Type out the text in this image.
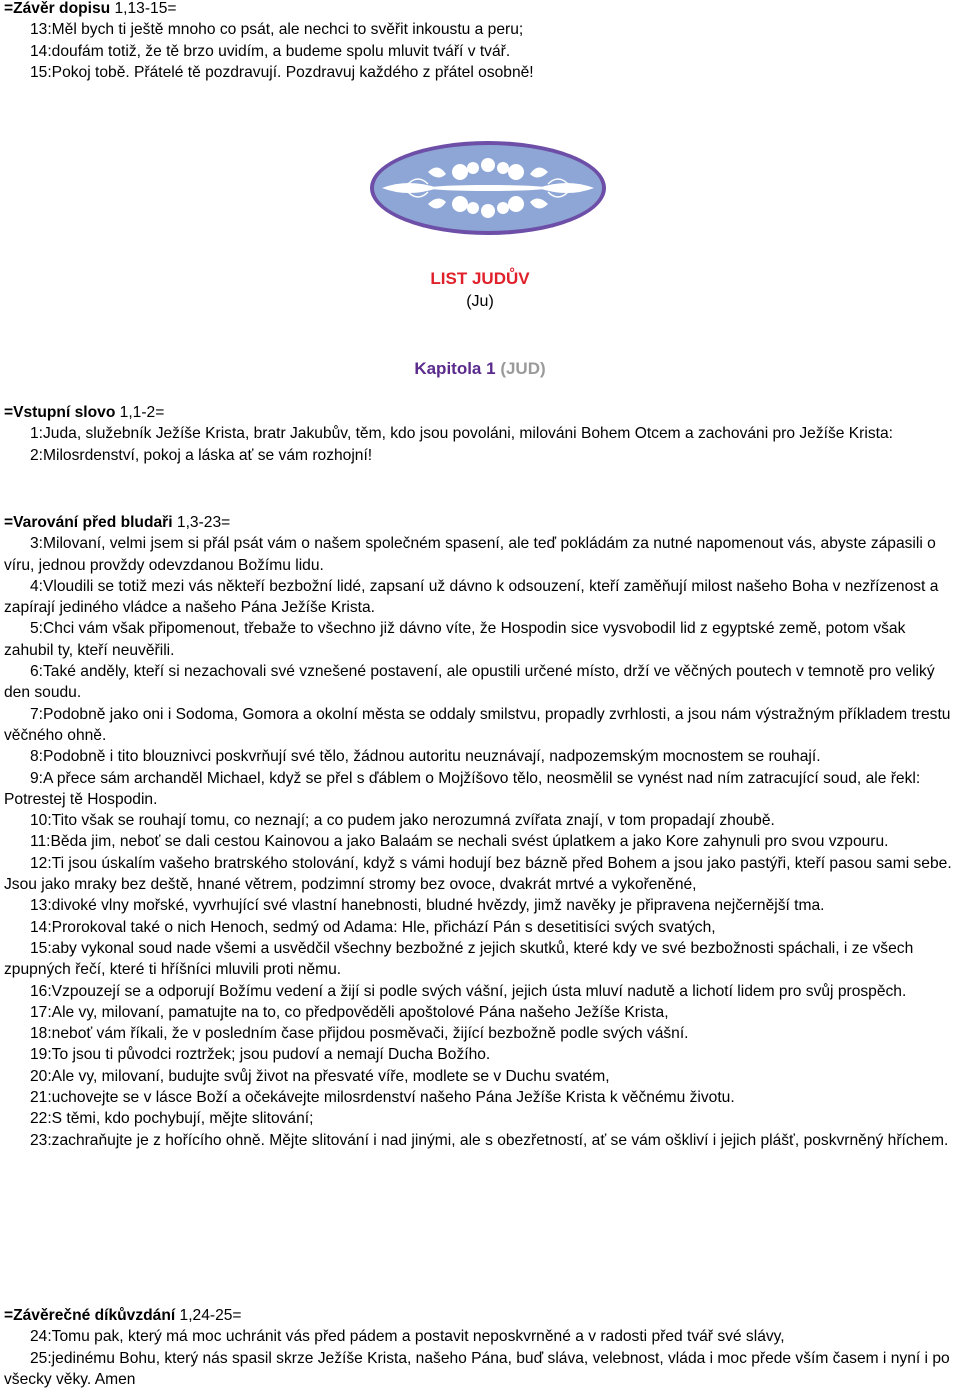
=Závěr dopisu 1,13-15=

13:Měl bych ti ještě mnoho co psát, ale nechci to svěřit inkoustu a peru;

14:doufám totiž, že tě brzo uvidím, a budeme spolu mluvit tváří v tvář.

15:Pokoj tobě. Přátelé tě pozdravují. Pozdravuj každého z přátel osobně!

LIST JUDŮV
(Ju)
Kapitola 1 (JUD)
=Vstupní slovo 1,1-2=

1:Juda, služebník Ježíše Krista, bratr Jakubův, těm, kdo jsou povoláni, milováni Bohem Otcem a zachováni pro Ježíše Krista:

2:Milosrdenství, pokoj a láska ať se vám rozhojní!

=Varování před bludaři 1,3-23=

3:Milovaní, velmi jsem si přál psát vám o našem společném spasení, ale teď pokládám za nutné napomenout vás, abyste zápasili o víru, jednou provždy odevzdanou Božímu lidu.

4:Vloudili se totiž mezi vás někteří bezbožní lidé, zapsaní už dávno k odsouzení, kteří zaměňují milost našeho Boha v nezřízenost a zapírají jediného vládce a našeho Pána Ježíše Krista.

5:Chci vám však připomenout, třebaže to všechno již dávno víte, že Hospodin sice vysvobodil lid z egyptské země, potom však zahubil ty, kteří neuvěřili.

6:Také anděly, kteří si nezachovali své vznešené postavení, ale opustili určené místo, drží ve věčných poutech v temnotě pro veliký den soudu.

7:Podobně jako oni i Sodoma, Gomora a okolní města se oddaly smilstvu, propadly zvrhlosti, a jsou nám výstražným příkladem trestu věčného ohně.

8:Podobně i tito blouznivci poskvrňují své tělo, žádnou autoritu neuznávají, nadpozemským mocnostem se rouhají.

9:A přece sám archanděl Michael, když se přel s ďáblem o Mojžíšovo tělo, neosmělil se vynést nad ním zatracující soud, ale řekl: Potrestej tě Hospodin.

10:Tito však se rouhají tomu, co neznají; a co pudem jako nerozumná zvířata znají, v tom propadají zhoubě.

11:Běda jim, neboť se dali cestou Kainovou a jako Balaám se nechali svést úplatkem a jako Kore zahynuli pro svou vzpouru.

12:Ti jsou úskalím vašeho bratrského stolování, když s vámi hodují bez bázně před Bohem a jsou jako pastýři, kteří pasou sami sebe. Jsou jako mraky bez deště, hnané větrem, podzimní stromy bez ovoce, dvakrát mrtvé a vykořeněné,

13:divoké vlny mořské, vyvrhující své vlastní hanebnosti, bludné hvězdy, jimž navěky je připravena nejčernější tma.

14:Prorokoval také o nich Henoch, sedmý od Adama: Hle, přichází Pán s desetitisíci svých svatých,

15:aby vykonal soud nade všemi a usvědčil všechny bezbožné z jejich skutků, které kdy ve své bezbožnosti spáchali, i ze všech zpupných řečí, které ti hříšníci mluvili proti němu.

16:Vzpouzejí se a odporují Božímu vedení a žijí si podle svých vášní, jejich ústa mluví nadutě a lichotí lidem pro svůj prospěch.

17:Ale vy, milovaní, pamatujte na to, co předpověděli apoštolové Pána našeho Ježíše Krista,

18:neboť vám říkali, že v posledním čase přijdou posměvači, žijící bezbožně podle svých vášní.

19:To jsou ti původci roztržek; jsou pudoví a nemají Ducha Božího.

20:Ale vy, milovaní, budujte svůj život na přesvaté víře, modlete se v Duchu svatém,

21:uchovejte se v lásce Boží a očekávejte milosrdenství našeho Pána Ježíše Krista k věčnému životu.

22:S těmi, kdo pochybují, mějte slitování;

23:zachraňujte je z hořícího ohně. Mějte slitování i nad jinými, ale s obezřetností, ať se vám oškliví i jejich plášť, poskvrněný hříchem.

=Závěrečné díkůvzdání 1,24-25=

24:Tomu pak, který má moc uchránit vás před pádem a postavit neposkvrněné a v radosti před tvář své slávy,

25:jedinému Bohu, který nás spasil skrze Ježíše Krista, našeho Pána, buď sláva, velebnost, vláda i moc přede vším časem i nyní i po všecky věky. Amen
